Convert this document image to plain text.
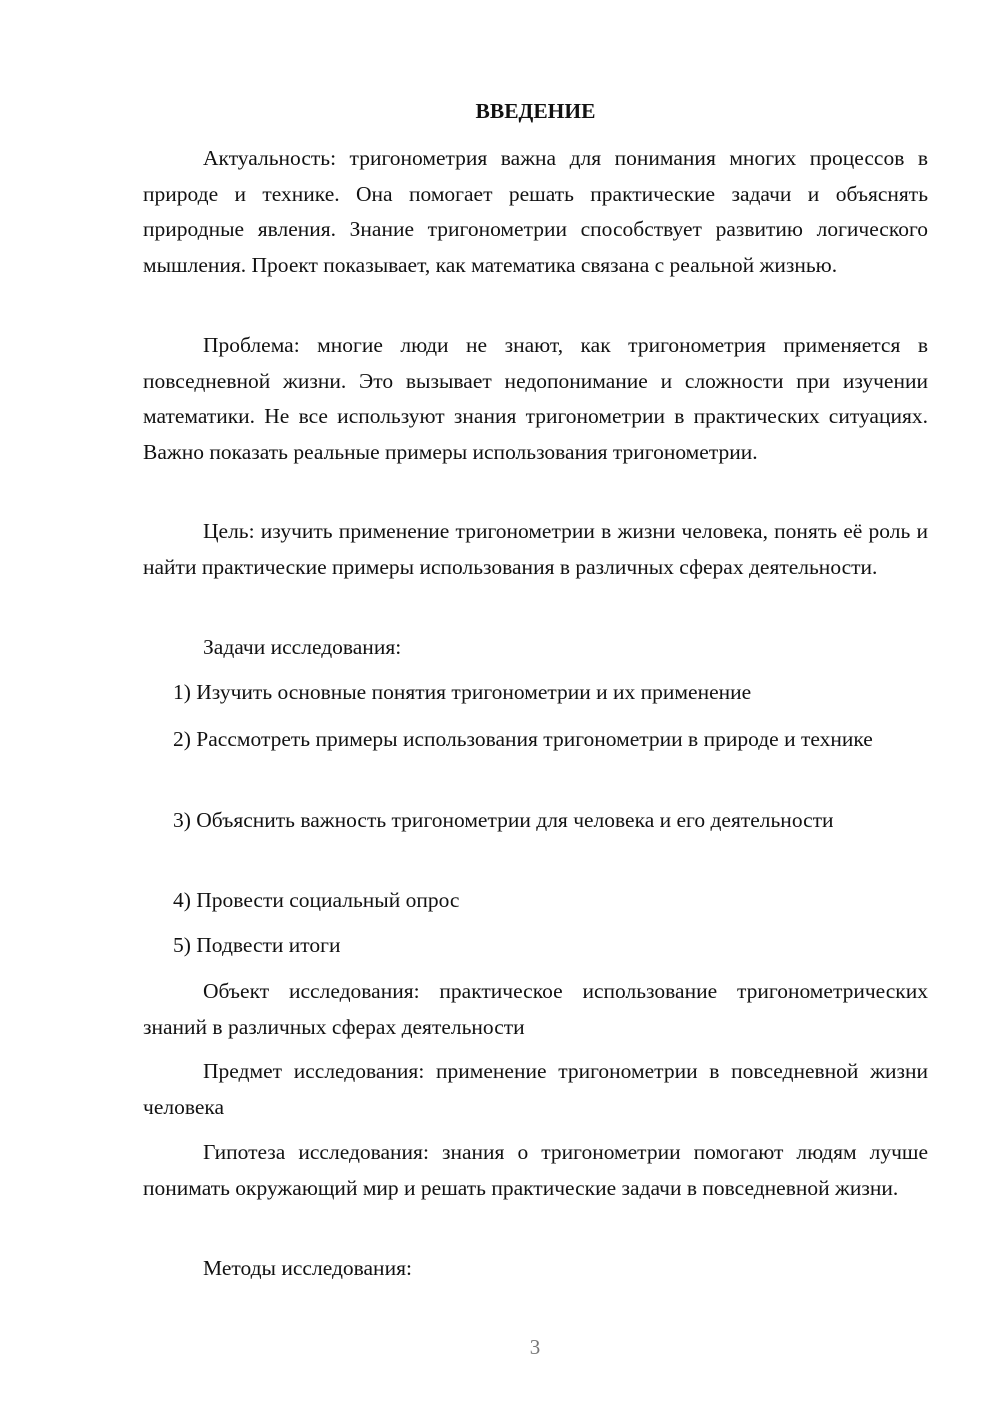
ВВЕДЕНИЕ

Актуальность: тригонометрия важна для понимания многих процессов в природе и технике. Она помогает решать практические задачи и объяснять природные явления. Знание тригонометрии способствует развитию логического мышления. Проект показывает, как математика связана с реальной жизнью.

Проблема: многие люди не знают, как тригонометрия применяется в повседневной жизни. Это вызывает недопонимание и сложности при изучении математики. Не все используют знания тригонометрии в практических ситуациях. Важно показать реальные примеры использования тригонометрии.

Цель: изучить применение тригонометрии в жизни человека, понять её роль и найти практические примеры использования в различных сферах деятельности.

Задачи исследования:

1) Изучить основные понятия тригонометрии и их применение

2) Рассмотреть примеры использования тригонометрии в природе и технике

3) Объяснить важность тригонометрии для человека и его деятельности

4) Провести социальный опрос

5) Подвести итоги

Объект исследования: практическое использование тригонометрических знаний в различных сферах деятельности

Предмет исследования: применение тригонометрии в повседневной жизни человека

Гипотеза исследования: знания о тригонометрии помогают людям лучше понимать окружающий мир и решать практические задачи в повседневной жизни.

Методы исследования:

3
